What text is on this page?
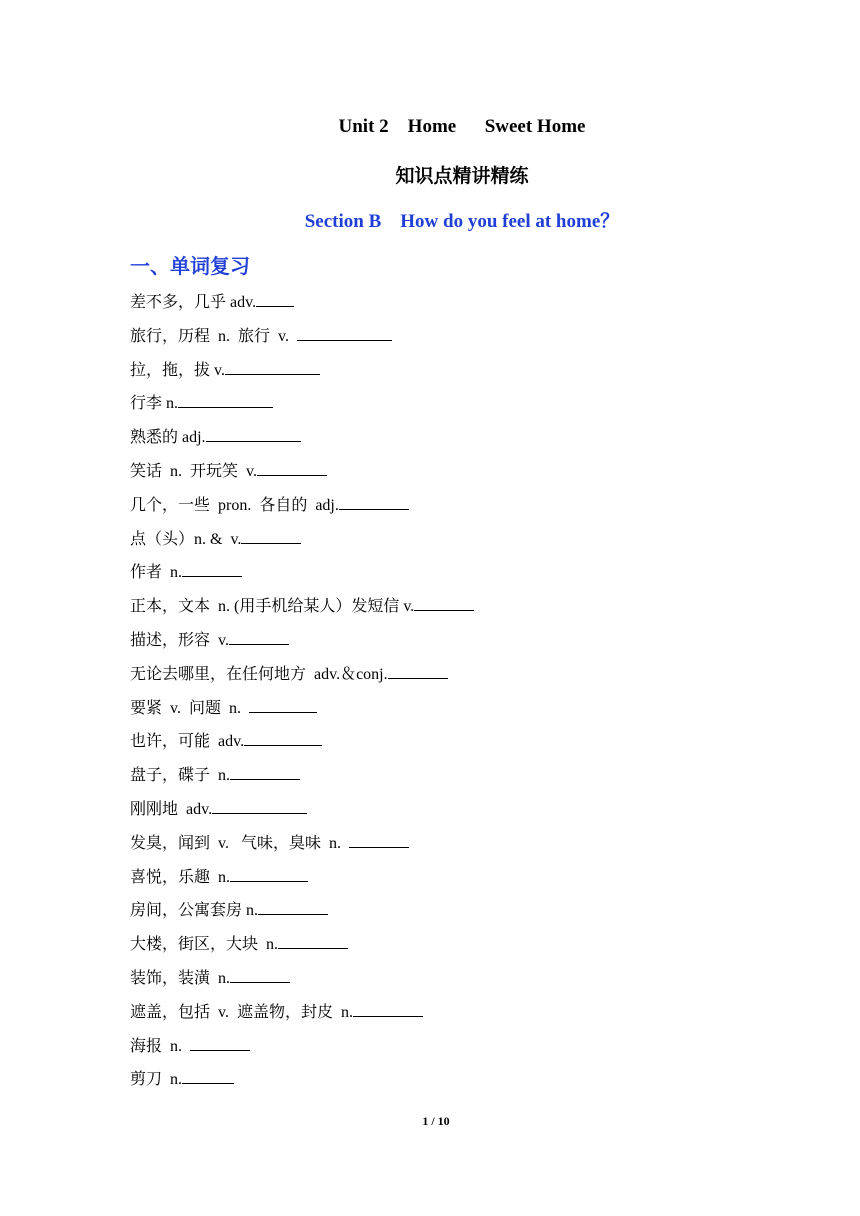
Unit 2    Home      Sweet Home
知识点精讲精练
Section B    How do you feel at home？
一、单词复习
差不多，几乎 adv.
旅行，历程  n.  旅行  v.
拉，拖，拔 v.
行李 n.
熟悉的 adj.
笑话  n.  开玩笑  v.
几个，一些  pron.  各自的  adj.
点（头）n. &  v.
作者  n.
正本，文本  n. (用手机给某人）发短信 v.
描述，形容  v.
无论去哪里，在任何地方  adv.＆conj.
要紧  v.  问题  n.
也许，可能  adv.
盘子，碟子  n.
刚刚地  adv.
发臭，闻到  v.   气味，臭味  n.
喜悦，乐趣  n.
房间，公寓套房 n.
大楼，街区，大块  n.
装饰，装潢  n.
遮盖，包括  v.  遮盖物，封皮  n.
海报  n.
剪刀  n.
1 / 10
